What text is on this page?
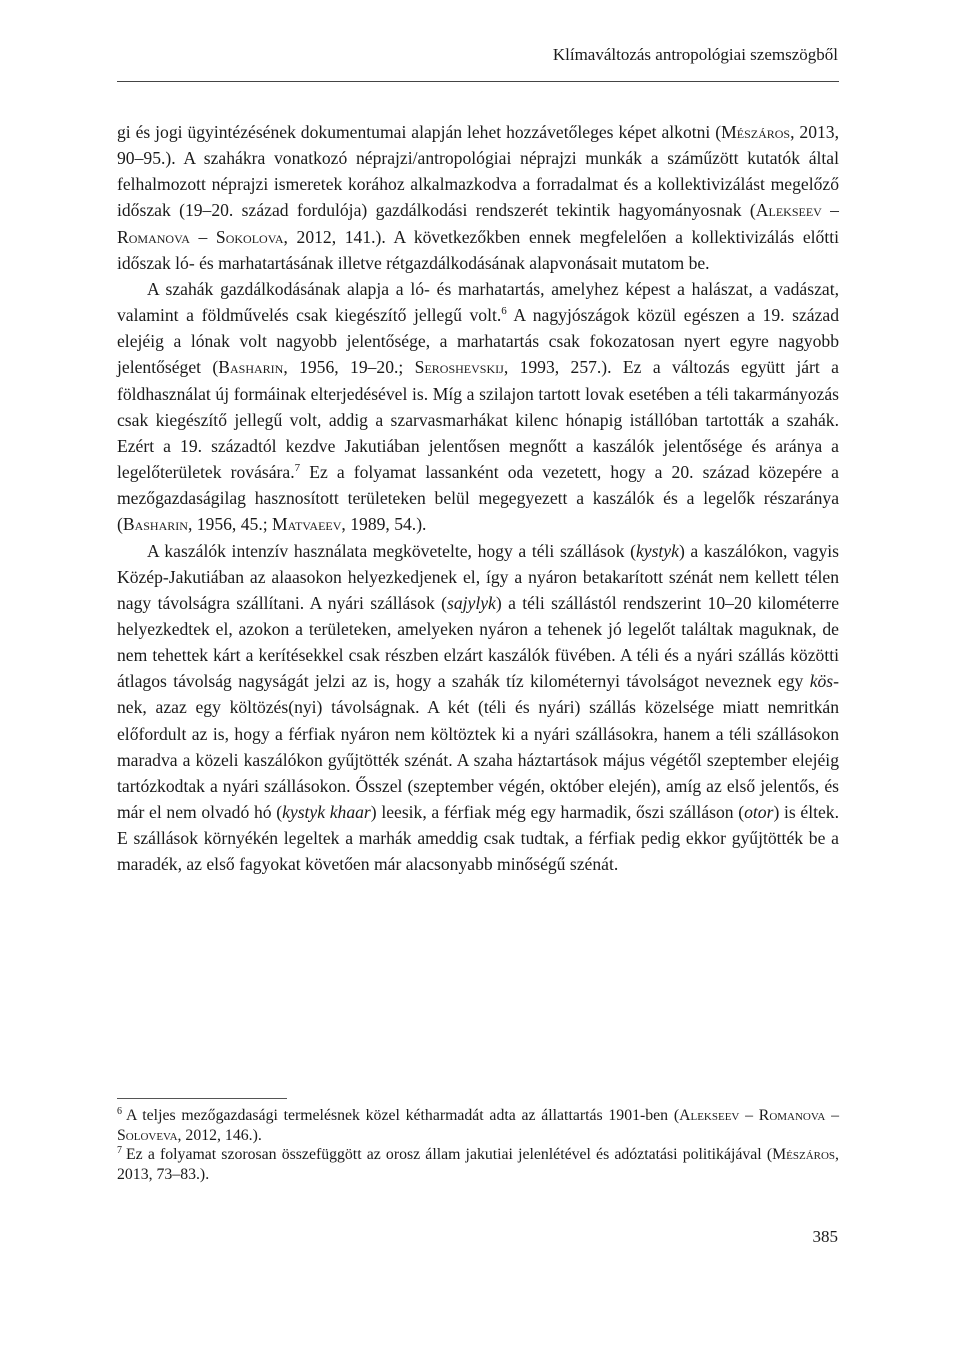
Klímaváltozás antropológiai szemszögből

gi és jogi ügyintézésének dokumentumai alapján lehet hozzávetőleges képet alkotni (Mészáros, 2013, 90–95.). A szahákra vonatkozó néprajzi/antropológiai néprajzi munkák a száműzött kutatók által felhalmozott néprajzi ismeretek korához alkalmazkodva a forradalmat és a kollektivizálást megelőző időszak (19–20. század fordulója) gazdálkodási rendszerét tekintik hagyományosnak (Alekseev – Romanova – Sokolova, 2012, 141.). A következőkben ennek megfelelően a kollektivizálás előtti időszak ló- és marhatartásának illetve rétgazdálkodásának alapvonásait mutatom be.

A szahák gazdálkodásának alapja a ló- és marhatartás, amelyhez képest a halászat, a vadászat, valamint a földművelés csak kiegészítő jellegű volt.$^6$ A nagyjószágok közül egészen a 19. század elejéig a lónak volt nagyobb jelentősége, a marhatartás csak fokozatosan nyert egyre nagyobb jelentőséget (Basharin, 1956, 19–20.; Seroshevskij, 1993, 257.). Ez a változás együtt járt a földhasználat új formáinak elterjedésével is. Míg a szilajon tartott lovak esetében a téli takarmányozás csak kiegészítő jellegű volt, addig a szarvasmarhákat kilenc hónapig istállóban tartották a szahák. Ezért a 19. századtól kezdve Jakutiában jelentősen megnőtt a kaszálók jelentősége és aránya a legelőterületek rovására.$^7$ Ez a folyamat lassanként oda vezetett, hogy a 20. század közepére a mezőgazdaságilag hasznosított területeken belül megegyezett a kaszálók és a legelők részaránya (Basharin, 1956, 45.; Matvaeev, 1989, 54.).

A kaszálók intenzív használata megkövetelte, hogy a téli szállások (kystyk) a kaszálókon, vagyis Közép-Jakutiában az alaasokon helyezkedjenek el, így a nyáron betakarított szénát nem kellett télen nagy távolságra szállítani. A nyári szállások (sajylyk) a téli szállástól rendszerint 10–20 kilométerre helyezkedtek el, azokon a területeken, amelyeken nyáron a tehenek jó legelőt találtak maguknak, de nem tehettek kárt a kerítésekkel csak részben elzárt kaszálók füvében. A téli és a nyári szállás közötti átlagos távolság nagyságát jelzi az is, hogy a szahák tíz kilométernyi távolságot neveznek egy kös-nek, azaz egy költözés(nyi) távolságnak. A két (téli és nyári) szállás közelsége miatt nemritkán előfordult az is, hogy a férfiak nyáron nem költöztek ki a nyári szállásokra, hanem a téli szállásokon maradva a közeli kaszálókon gyűjtötték szénát. A szaha háztartások május végétől szeptember elejéig tartózkodtak a nyári szállásokon. Ősszel (szeptember végén, október elején), amíg az első jelentős, és már el nem olvadó hó (kystyk khaar) leesik, a férfiak még egy harmadik, őszi szálláson (otor) is éltek. E szállások környékén legeltek a marhák ameddig csak tudtak, a férfiak pedig ekkor gyűjtötték be a maradék, az első fagyokat követően már alacsonyabb minőségű szénát.

$^6$ A teljes mezőgazdasági termelésnek közel kétharmadát adta az állattartás 1901-ben (Alekseev – Romanova – Soloveva, 2012, 146.).

$^7$ Ez a folyamat szorosan összefüggött az orosz állam jakutiai jelenlétével és adóztatási politikájával (Mészáros, 2013, 73–83.).

385
